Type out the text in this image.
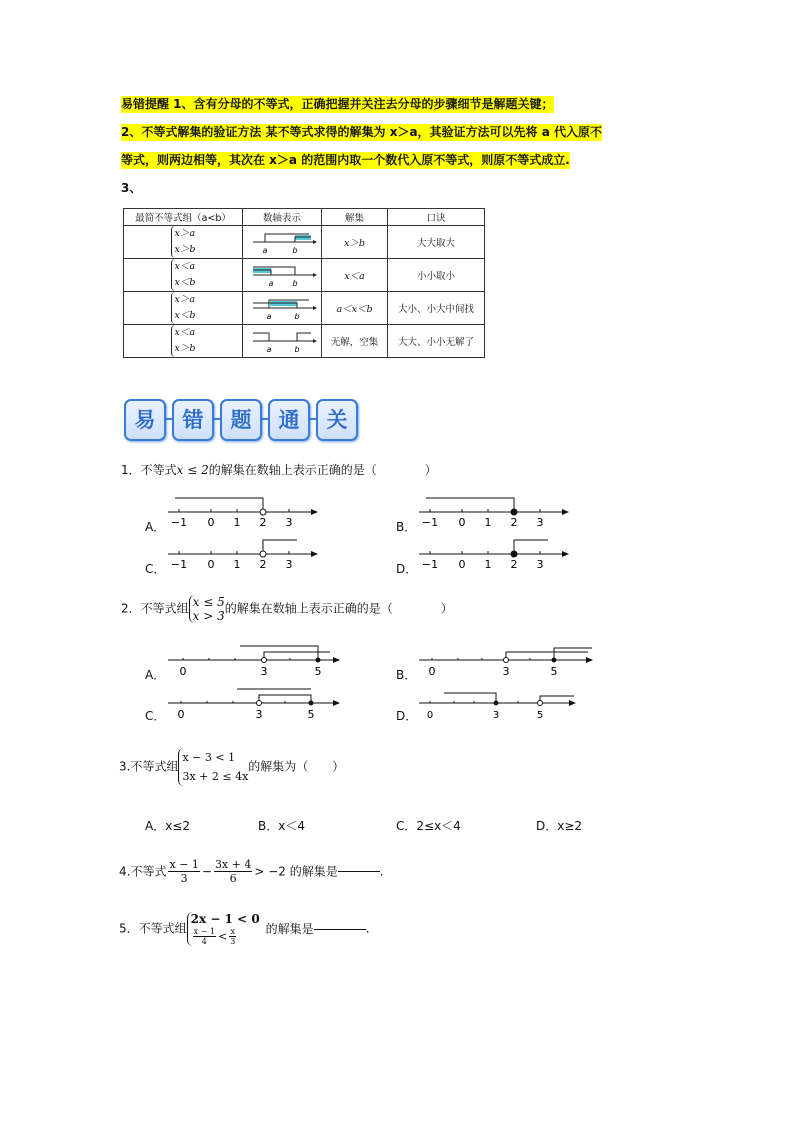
易错提醒 1、含有分母的不等式，正确把握并关注去分母的步骤细节是解题关键；
2、不等式解集的验证方法 某不等式求得的解集为 x＞a，其验证方法可以先将 a 代入原不
等式，则两边相等，其次在 x＞a 的范围内取一个数代入原不等式，则原不等式成立.
3、
最简不等式组（a<b）	数轴表示	解集	口诀
x＞a
x＞b	a b	x＞b	大大取大
x＜a
x＜b	a b	x＜a	小小取小
x＞a
x＜b	a b	a＜x＜b	大小、小大中间找
x＜a
x＞b	a b	无解，空集	大大、小小无解了
易	错	题	通	关
1．不等式x ≤ 2的解集在数轴上表示正确的是（　　　　）
A． −1 0 1 2 3	B． −1 0 1 2 3
C． −1 0 1 2 3	D． −1 0 1 2 3
2．不等式组 x ≤ 5
x > 3的解集在数轴上表示正确的是（　　　　）
A． 0	3	5	B． 0	3	5
C． 0	3	5	D． 0	3	5
3.不等式组x − 3 < 1
3x + 2 ≤ 4x的解集为（　　）
A．x≤2	B．x＜4	C．2≤x＜4	D．x≥2
4.不等式 $\frac{x - 1}{3} - \frac{3x + 4}{6} > -2$ 的解集是	.
5．不等式组2x − 1 < 0

$\frac{x - 1}{4} < \frac{x}{3}$ 的解集是	.
